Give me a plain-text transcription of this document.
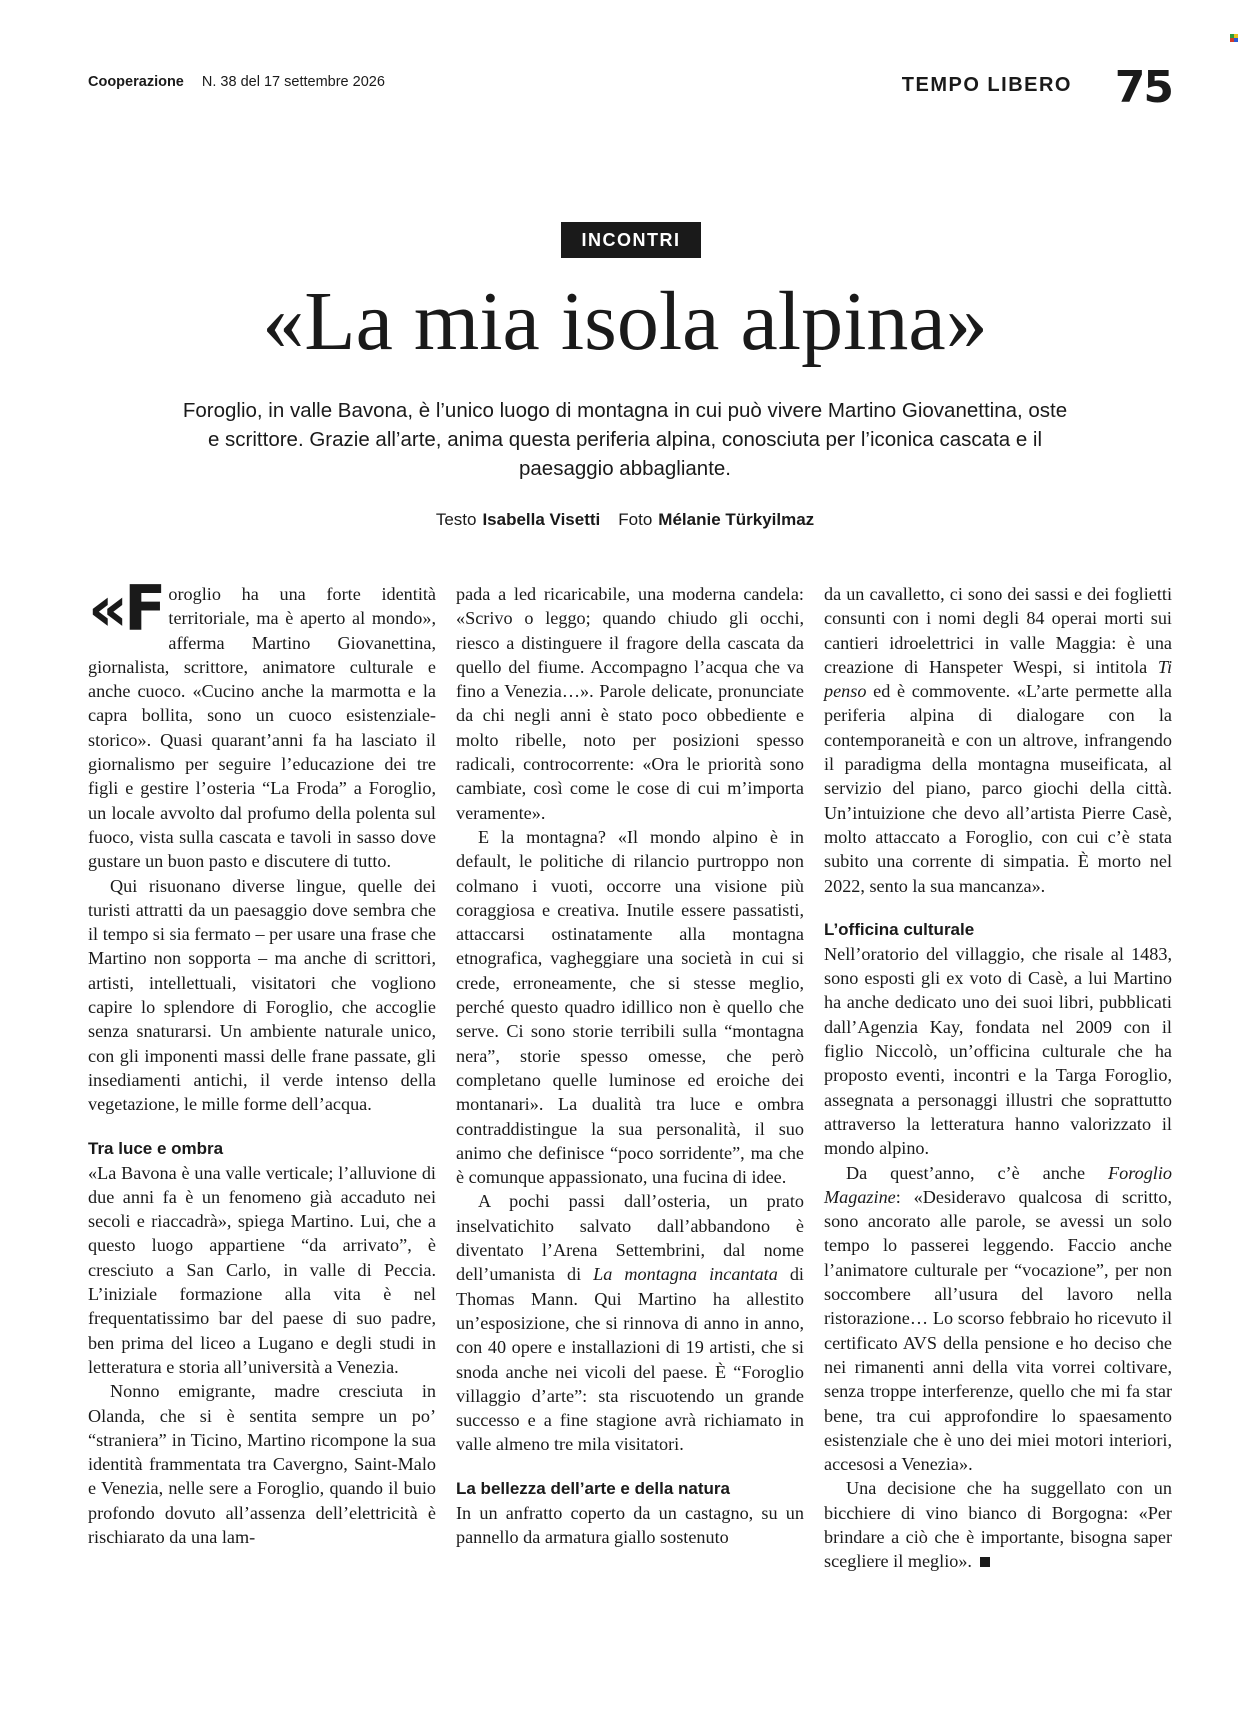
Cooperazione N. 38 del 17 settembre 2026	TEMPO LIBERO 75
INCONTRI
«La mia isola alpina»
Foroglio, in valle Bavona, è l’unico luogo di montagna in cui può vivere Martino Giovanettina, oste e scrittore. Grazie all’arte, anima questa periferia alpina, conosciuta per l’iconica cascata e il paesaggio abbagliante.
Testo Isabella Visetti Foto Mélanie Türkyilmaz

«Foroglio ha una forte identità territoriale, ma è aperto al mondo», afferma Martino Giovanettina, giornalista, scrittore, animatore culturale e anche cuoco. «Cucino anche la marmotta e la capra bollita, sono un cuoco esistenziale-storico». Quasi quarant’anni fa ha lasciato il giornalismo per seguire l’educazione dei tre figli e gestire l’osteria “La Froda” a Foroglio, un locale avvolto dal profumo della polenta sul fuoco, vista sulla cascata e tavoli in sasso dove gustare un buon pasto e discutere di tutto.

Qui risuonano diverse lingue, quelle dei turisti attratti da un paesaggio dove sembra che il tempo si sia fermato – per usare una frase che Martino non sopporta – ma anche di scrittori, artisti, intellettuali, visitatori che vogliono capire lo splendore di Foroglio, che accoglie senza snaturarsi. Un ambiente naturale unico, con gli imponenti massi delle frane passate, gli insediamenti antichi, il verde intenso della vegetazione, le mille forme dell’acqua.

Tra luce e ombra

«La Bavona è una valle verticale; l’alluvione di due anni fa è un fenomeno già accaduto nei secoli e riaccadrà», spiega Martino. Lui, che a questo luogo appartiene “da arrivato”, è cresciuto a San Carlo, in valle di Peccia. L’iniziale formazione alla vita è nel frequentatissimo bar del paese di suo padre, ben prima del liceo a Lugano e degli studi in letteratura e storia all’università a Venezia.

Nonno emigrante, madre cresciuta in Olanda, che si è sentita sempre un po’ “straniera” in Ticino, Martino ricompone la sua identità frammentata tra Cavergno, Saint-Malo e Venezia, nelle sere a Foroglio, quando il buio profondo dovuto all’assenza dell’elettricità è rischiarato da una lam-

pada a led ricaricabile, una moderna candela: «Scrivo o leggo; quando chiudo gli occhi, riesco a distinguere il fragore della cascata da quello del fiume. Accompagno l’acqua che va fino a Venezia…». Parole delicate, pronunciate da chi negli anni è stato poco obbediente e molto ribelle, noto per posizioni spesso radicali, controcorrente: «Ora le priorità sono cambiate, così come le cose di cui m’importa veramente».

E la montagna? «Il mondo alpino è in default, le politiche di rilancio purtroppo non colmano i vuoti, occorre una visione più coraggiosa e creativa. Inutile essere passatisti, attaccarsi ostinatamente alla montagna etnografica, vagheggiare una società in cui si crede, erroneamente, che si stesse meglio, perché questo quadro idillico non è quello che serve. Ci sono storie terribili sulla “montagna nera”, storie spesso omesse, che però completano quelle luminose ed eroiche dei montanari». La dualità tra luce e ombra contraddistingue la sua personalità, il suo animo che definisce “poco sorridente”, ma che è comunque appassionato, una fucina di idee.

A pochi passi dall’osteria, un prato inselvatichito salvato dall’abbandono è diventato l’Arena Settembrini, dal nome dell’umanista di La montagna incantata di Thomas Mann. Qui Martino ha allestito un’esposizione, che si rinnova di anno in anno, con 40 opere e installazioni di 19 artisti, che si snoda anche nei vicoli del paese. È “Foroglio villaggio d’arte”: sta riscuotendo un grande successo e a fine stagione avrà richiamato in valle almeno tre mila visitatori.

La bellezza dell’arte e della natura

In un anfratto coperto da un castagno, su un pannello da armatura giallo sostenuto

da un cavalletto, ci sono dei sassi e dei foglietti consunti con i nomi degli 84 operai morti sui cantieri idroelettrici in valle Maggia: è una creazione di Hanspeter Wespi, si intitola Ti penso ed è commovente. «L’arte permette alla periferia alpina di dialogare con la contemporaneità e con un altrove, infrangendo il paradigma della montagna museificata, al servizio del piano, parco giochi della città. Un’intuizione che devo all’artista Pierre Casè, molto attaccato a Foroglio, con cui c’è stata subito una corrente di simpatia. È morto nel 2022, sento la sua mancanza».

L’officina culturale

Nell’oratorio del villaggio, che risale al 1483, sono esposti gli ex voto di Casè, a lui Martino ha anche dedicato uno dei suoi libri, pubblicati dall’Agenzia Kay, fondata nel 2009 con il figlio Niccolò, un’officina culturale che ha proposto eventi, incontri e la Targa Foroglio, assegnata a personaggi illustri che soprattutto attraverso la letteratura hanno valorizzato il mondo alpino.

Da quest’anno, c’è anche Foroglio Magazine: «Desideravo qualcosa di scritto, sono ancorato alle parole, se avessi un solo tempo lo passerei leggendo. Faccio anche l’animatore culturale per “vocazione”, per non soccombere all’usura del lavoro nella ristorazione… Lo scorso febbraio ho ricevuto il certificato AVS della pensione e ho deciso che nei rimanenti anni della vita vorrei coltivare, senza troppe interferenze, quello che mi fa star bene, tra cui approfondire lo spaesamento esistenziale che è uno dei miei motori interiori, accesosi a Venezia».

Una decisione che ha suggellato con un bicchiere di vino bianco di Borgogna: «Per brindare a ciò che è importante, bisogna saper scegliere il meglio».
